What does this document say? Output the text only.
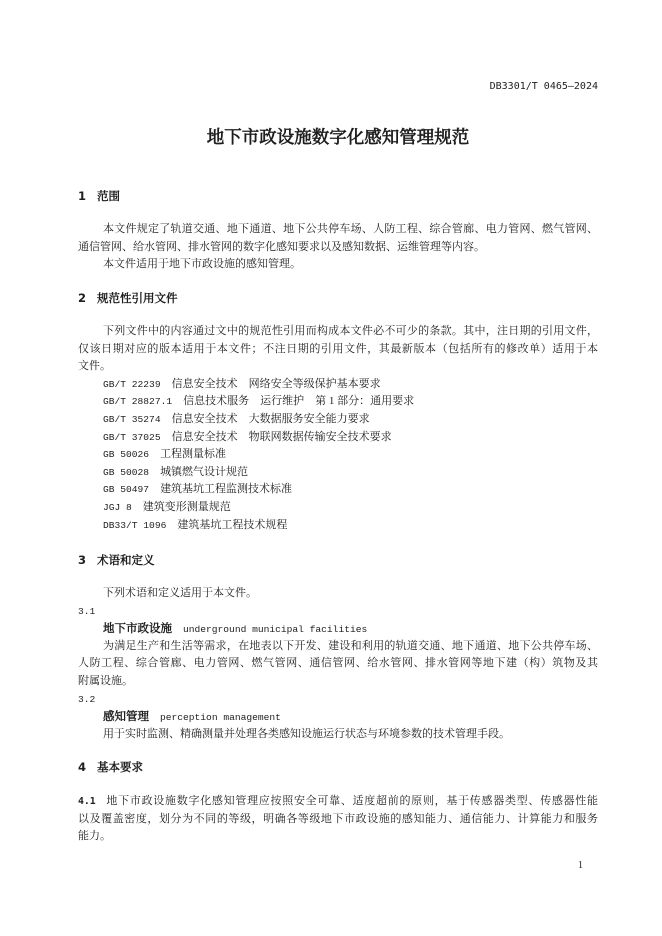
DB3301/T 0465—2024
地下市政设施数字化感知管理规范
1 范围
本文件规定了轨道交通、地下通道、地下公共停车场、人防工程、综合管廊、电力管网、燃气管网、
通信管网、给水管网、排水管网的数字化感知要求以及感知数据、运维管理等内容。
本文件适用于地下市政设施的感知管理。
2 规范性引用文件
下列文件中的内容通过文中的规范性引用而构成本文件必不可少的条款。其中，注日期的引用文件，
仅该日期对应的版本适用于本文件；不注日期的引用文件，其最新版本（包括所有的修改单）适用于本
文件。
GB/T 22239 信息安全技术　网络安全等级保护基本要求
GB/T 28827.1 信息技术服务　运行维护　第 1 部分：通用要求
GB/T 35274 信息安全技术　大数据服务安全能力要求
GB/T 37025 信息安全技术　物联网数据传输安全技术要求
GB 50026 工程测量标准
GB 50028 城镇燃气设计规范
GB 50497 建筑基坑工程监测技术标准
JGJ 8 建筑变形测量规范
DB33/T 1096 建筑基坑工程技术规程
3 术语和定义
下列术语和定义适用于本文件。
3.1
地下市政设施 underground municipal facilities
为满足生产和生活等需求，在地表以下开发、建设和利用的轨道交通、地下通道、地下公共停车场、
人防工程、综合管廊、电力管网、燃气管网、通信管网、给水管网、排水管网等地下建（构）筑物及其
附属设施。
3.2
感知管理 perception management
用于实时监测、精确测量并处理各类感知设施运行状态与环境参数的技术管理手段。
4 基本要求
4.1 地下市政设施数字化感知管理应按照安全可靠、适度超前的原则，基于传感器类型、传感器性能
以及覆盖密度，划分为不同的等级，明确各等级地下市政设施的感知能力、通信能力、计算能力和服务
能力。
1
